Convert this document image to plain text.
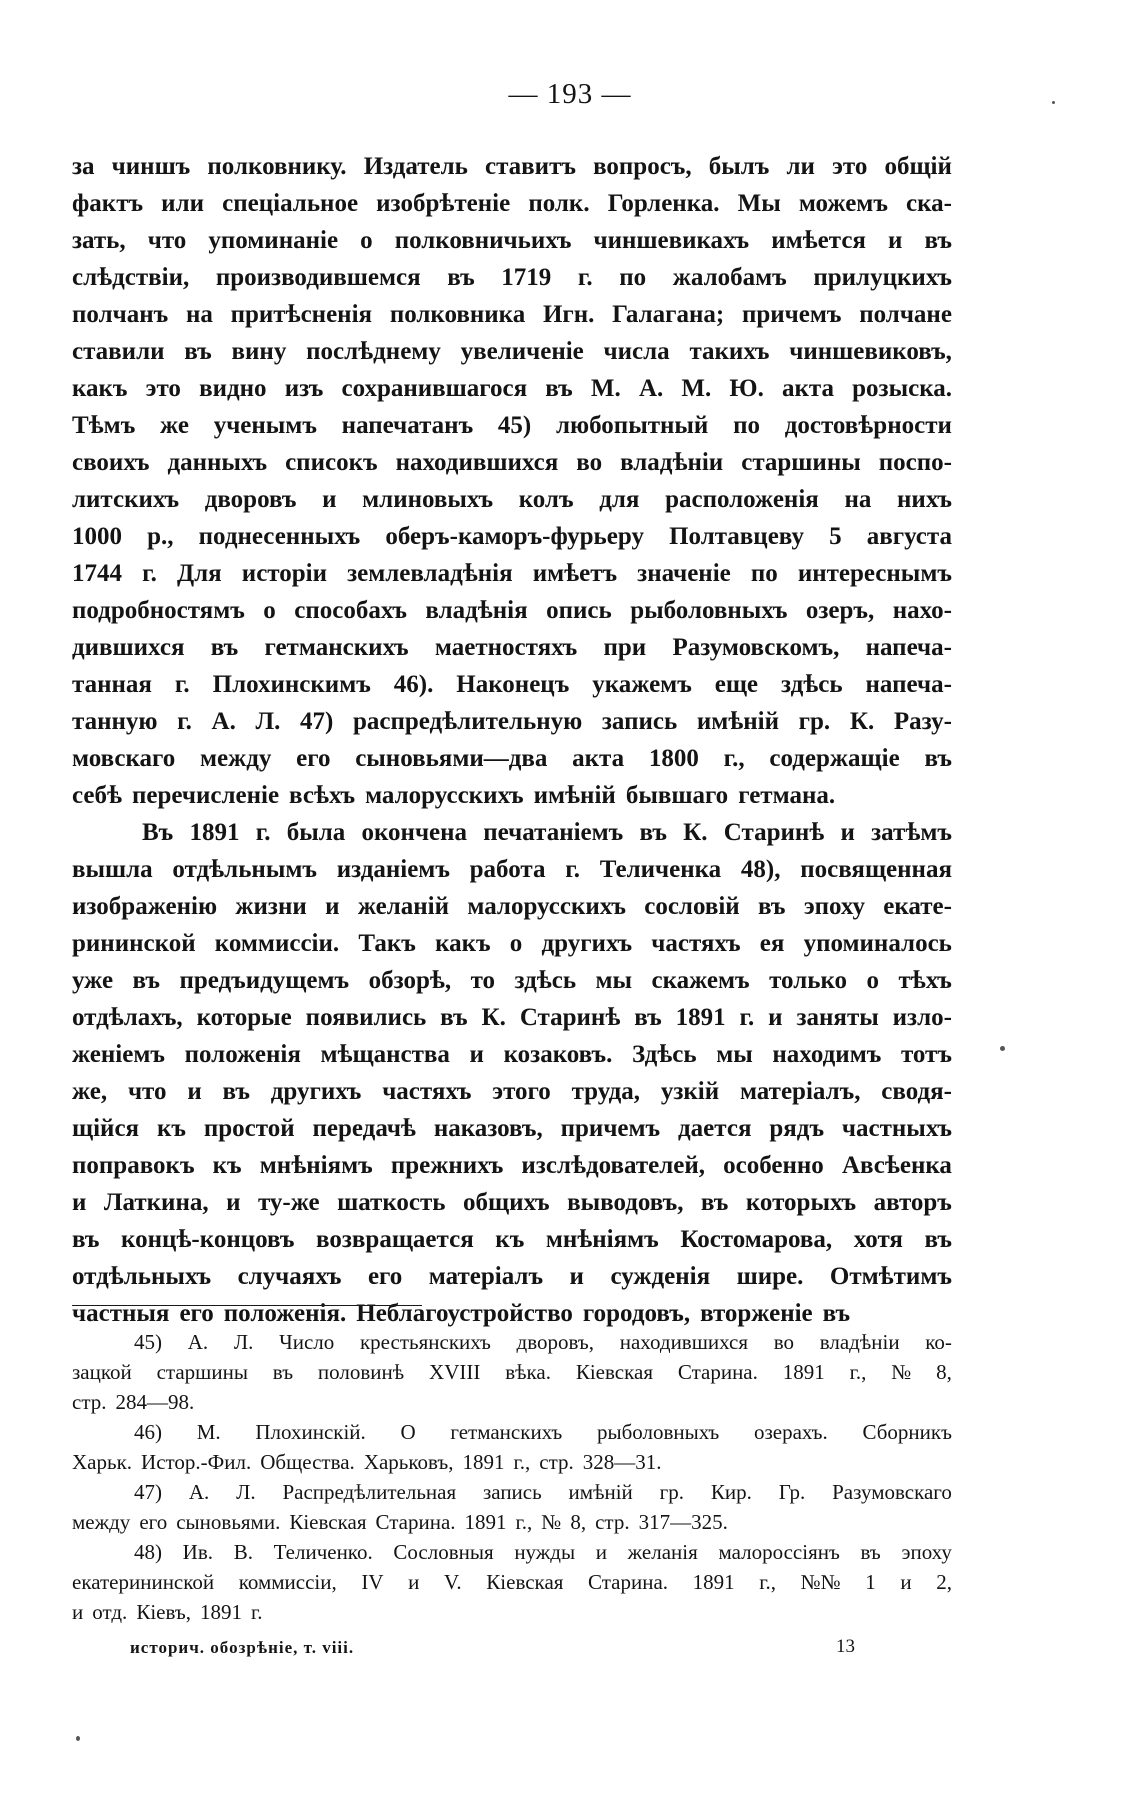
— 193 —
за чиншъ полковнику. Издатель ставитъ вопросъ, былъ ли это общій
фактъ или спеціальное изобрѣтеніе полк. Горленка. Мы можемъ ска-
зать, что упоминаніе о полковничьихъ чиншевикахъ имѣется и въ
слѣдствіи, производившемся въ 1719 г. по жалобамъ прилуцкихъ
полчанъ на притѣсненія полковника Игн. Галагана; причемъ полчане
ставили въ вину послѣднему увеличеніе числа такихъ чиншевиковъ,
какъ это видно изъ сохранившагося въ М. А. М. Ю. акта розыска.
Тѣмъ же ученымъ напечатанъ 45) любопытный по достовѣрности
своихъ данныхъ списокъ находившихся во владѣніи старшины поспо-
литскихъ дворовъ и млиновыхъ колъ для расположенія на нихъ
1000 р., поднесенныхъ оберъ-каморъ-фурьеру Полтавцеву 5 августа
1744 г. Для исторіи землевладѣнія имѣетъ значеніе по интереснымъ
подробностямъ о способахъ владѣнія опись рыболовныхъ озеръ, нахо-
дившихся въ гетманскихъ маетностяхъ при Разумовскомъ, напеча-
танная г. Плохинскимъ 46). Наконецъ укажемъ еще здѣсь напеча-
танную г. А. Л. 47) распредѣлительную запись имѣній гр. К. Разу-
мовскаго между его сыновьями—два акта 1800 г., содержащіе въ
себѣ перечисленіе всѣхъ малорусскихъ имѣній бывшаго гетмана.
Въ 1891 г. была окончена печатаніемъ въ К. Старинѣ и затѣмъ
вышла отдѣльнымъ изданіемъ работа г. Теличенка 48), посвященная
изображенію жизни и желаній малорусскихъ сословій въ эпоху екате-
рининской коммиссіи. Такъ какъ о другихъ частяхъ ея упоминалось
уже въ предъидущемъ обзорѣ, то здѣсь мы скажемъ только о тѣхъ
отдѣлахъ, которые появились въ К. Старинѣ въ 1891 г. и заняты изло-
женіемъ положенія мѣщанства и козаковъ. Здѣсь мы находимъ тотъ
же, что и въ другихъ частяхъ этого труда, узкій матеріалъ, сводя-
щійся къ простой передачѣ наказовъ, причемъ дается рядъ частныхъ
поправокъ къ мнѣніямъ прежнихъ изслѣдователей, особенно Авсѣенка
и Латкина, и ту-же шаткость общихъ выводовъ, въ которыхъ авторъ
въ концѣ-концовъ возвращается къ мнѣніямъ Костомарова, хотя въ
отдѣльныхъ случаяхъ его матеріалъ и сужденія шире. Отмѣтимъ
частныя его положенія. Неблагоустройство городовъ, вторженіе въ
45) А. Л. Число крестьянскихъ дворовъ, находившихся во владѣніи ко-
зацкой старшины въ половинѣ XVIII вѣка. Кіевская Старина. 1891 г., № 8,
стр. 284—98.
46) М. Плохинскій. О гетманскихъ рыболовныхъ озерахъ. Сборникъ
Харьк. Истор.-Фил. Общества. Харьковъ, 1891 г., стр. 328—31.
47) А. Л. Распредѣлительная запись имѣній гр. Кир. Гр. Разумовскаго
между его сыновьями. Кіевская Старина. 1891 г., № 8, стр. 317—325.
48) Ив. В. Теличенко. Сословныя нужды и желанія малороссіянъ въ эпоху
екатерининской коммиссіи, IV и V. Кіевская Старина. 1891 г., №№ 1 и 2,
и отд. Кіевъ, 1891 г.
историч. обозрѣніе, т. viii.	13
